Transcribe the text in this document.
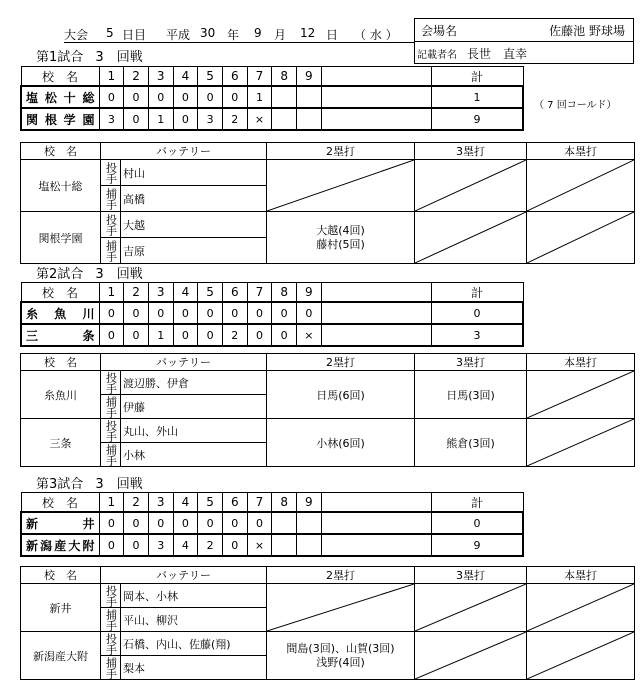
大会 5 日目 平成 30 年 9 月 12 日 （ 水 ） 会場名	佐藤池 野球場
記載者名 長世　直幸
第1試合 3　回戦
校　名	1	2	3	4	5	6	7	8	9		計
塩松十総	0	0	0	0	0	0	1				1
関根学園	3	0	1	0	3	2	×				9
（ 7 回コールド）
校　名	バッテリー		2塁打	3塁打	本塁打
塩松十総	投手	村山	

	捕手	高橋			
関根学園	投手	大越	大越(4回)
藤村(5回)	

	捕手	吉原			
第2試合 3　回戦
校　名	1	2	3	4	5	6	7	8	9		計
糸　魚　川	0	0	0	0	0	0	0	0	0		0
三　　条	0	0	1	0	0	2	0	0	×		3
校　名	バッテリー		2塁打	3塁打	本塁打
糸魚川	投手	渡辺勝、伊倉	日馬(6回)	日馬(3回)	

	捕手	伊藤			
三条	投手	丸山、外山	小林(6回)	熊倉(3回)	

	捕手	小林			
第3試合 3　回戦
校　名	1	2	3	4	5	6	7	8	9		計
新　　井	0	0	0	0	0	0	0				0
新潟産大附	0	0	3	4	2	0	×				9
校　名	バッテリー		2塁打	3塁打	本塁打
新井	投手	岡本、小林	

	捕手	平山、柳沢			
新潟産大附	投手	石橋、内山、佐藤(翔)	間島(3回)、山賀(3回)
浅野(4回)	

	捕手	梨本			
